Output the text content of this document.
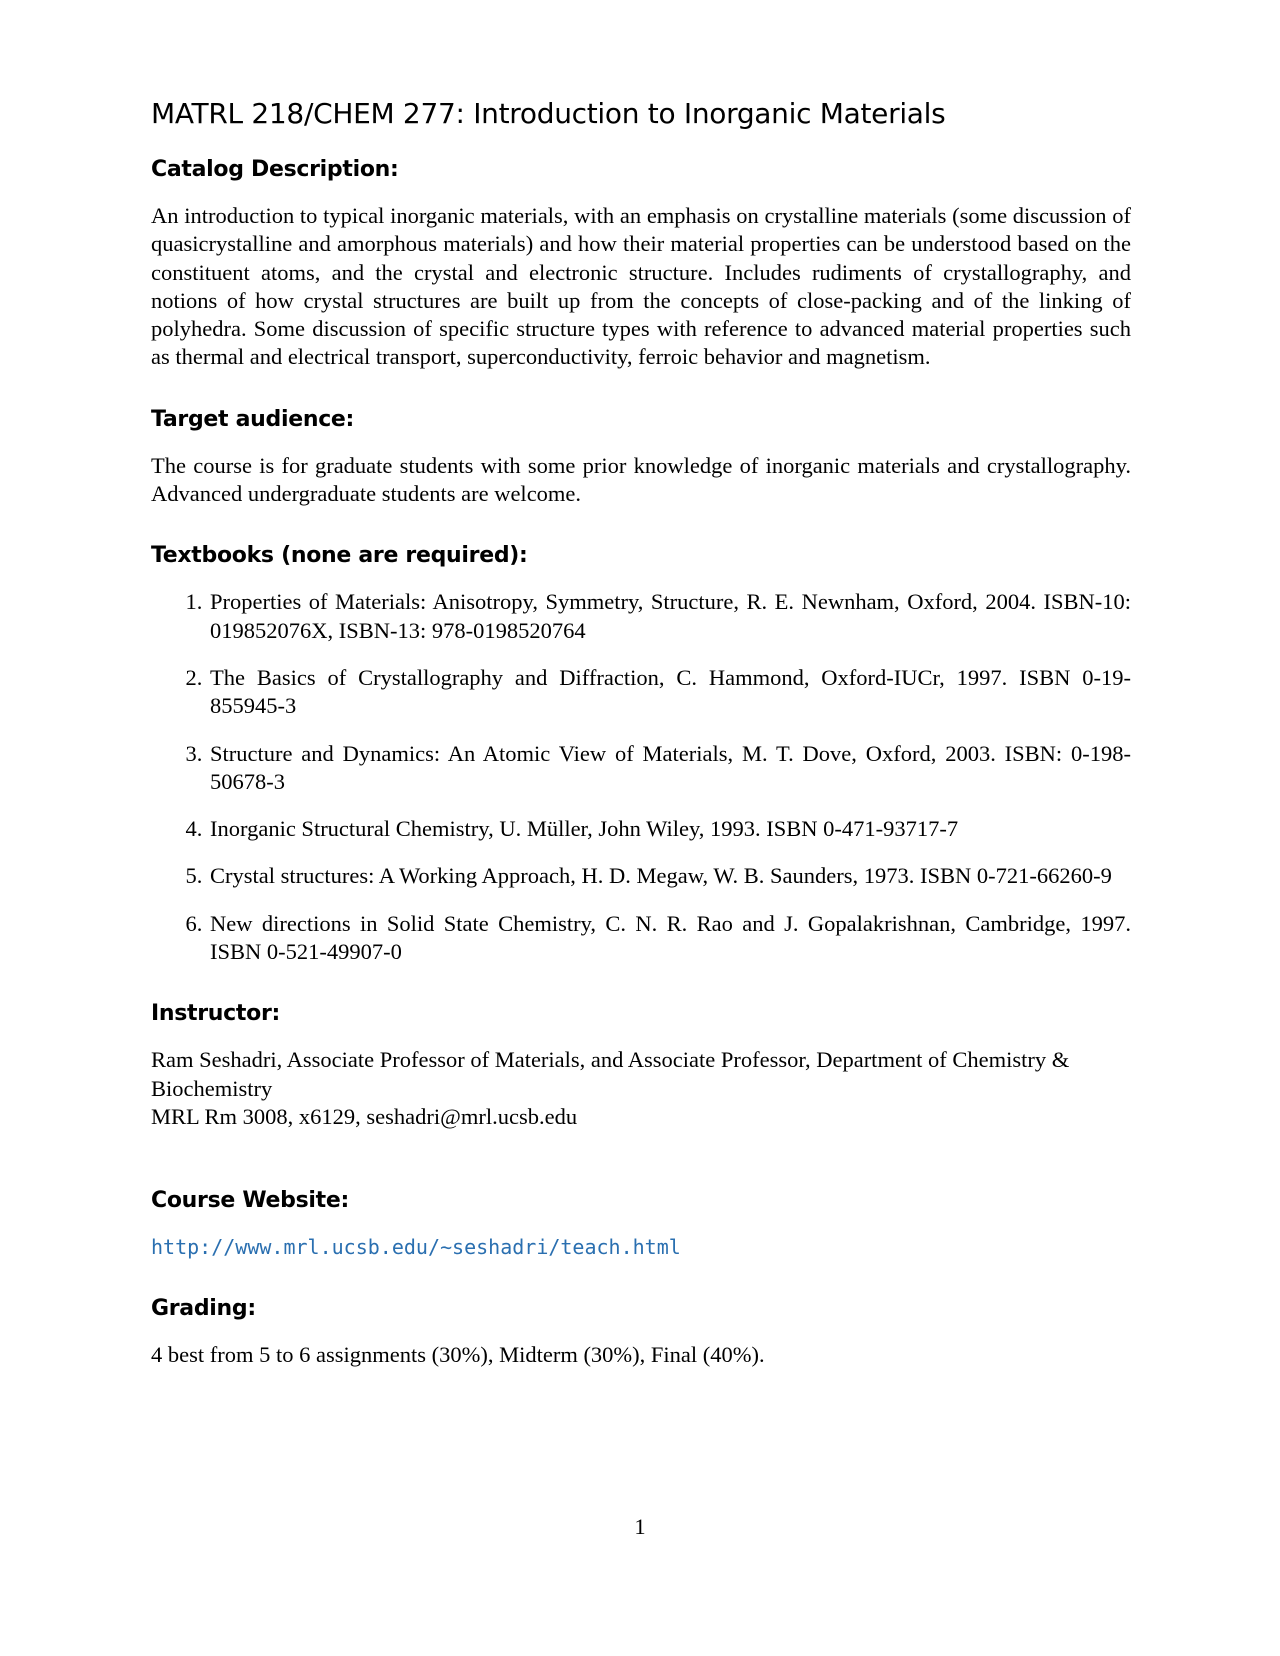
MATRL 218/CHEM 277: Introduction to Inorganic Materials
Catalog Description:

An introduction to typical inorganic materials, with an emphasis on crystalline materials (some discussion of quasicrystalline and amorphous materials) and how their material properties can be understood based on the constituent atoms, and the crystal and electronic structure. Includes rudiments of crystallography, and notions of how crystal structures are built up from the concepts of close-packing and of the linking of polyhedra. Some discussion of specific structure types with reference to advanced material properties such as thermal and electrical transport, superconductivity, ferroic behavior and magnetism.

Target audience:

The course is for graduate students with some prior knowledge of inorganic materials and crystallography. Advanced undergraduate students are welcome.

Textbooks (none are required):
1. Properties of Materials: Anisotropy, Symmetry, Structure, R. E. Newnham, Oxford, 2004. ISBN-10: 019852076X, ISBN-13: 978-0198520764
2. The Basics of Crystallography and Diffraction, C. Hammond, Oxford-IUCr, 1997. ISBN 0-19-855945-3
3. Structure and Dynamics: An Atomic View of Materials, M. T. Dove, Oxford, 2003. ISBN: 0-198-50678-3
4. Inorganic Structural Chemistry, U. Müller, John Wiley, 1993. ISBN 0-471-93717-7
5. Crystal structures: A Working Approach, H. D. Megaw, W. B. Saunders, 1973. ISBN 0-721-66260-9
6. New directions in Solid State Chemistry, C. N. R. Rao and J. Gopalakrishnan, Cambridge, 1997. ISBN 0-521-49907-0
Instructor:

Ram Seshadri, Associate Professor of Materials, and Associate Professor, Department of Chemistry & Biochemistry
MRL Rm 3008, x6129, seshadri@mrl.ucsb.edu

Course Website:
http://www.mrl.ucsb.edu/∼seshadri/teach.html
Grading:

4 best from 5 to 6 assignments (30%), Midterm (30%), Final (40%).

1
